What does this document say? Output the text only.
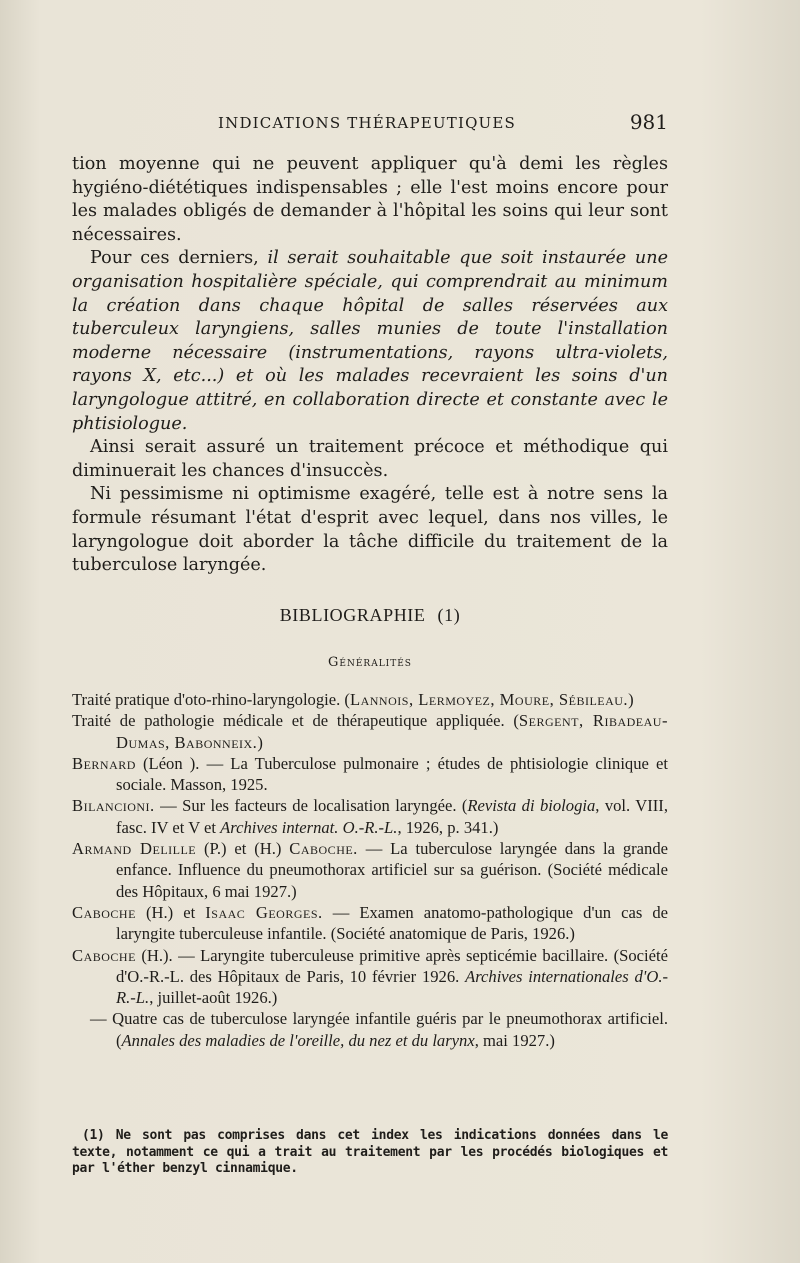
INDICATIONS THÉRAPEUTIQUES	981

tion moyenne qui ne peuvent appliquer qu'à demi les règles hygiéno-diététiques indispensables ; elle l'est moins encore pour les malades obligés de demander à l'hôpital les soins qui leur sont nécessaires.

Pour ces derniers, il serait souhaitable que soit instaurée une organisation hospitalière spéciale, qui comprendrait au minimum la création dans chaque hôpital de salles réservées aux tuberculeux laryngiens, salles munies de toute l'installation moderne nécessaire (instrumentations, rayons ultra-violets, rayons X, etc...) et où les malades recevraient les soins d'un laryngologue attitré, en collaboration directe et constante avec le phtisiologue.

Ainsi serait assuré un traitement précoce et méthodique qui diminuerait les chances d'insuccès.

Ni pessimisme ni optimisme exagéré, telle est à notre sens la formule résumant l'état d'esprit avec lequel, dans nos villes, le laryngologue doit aborder la tâche difficile du traitement de la tuberculose laryngée.

BIBLIOGRAPHIE (1)
Généralités
Traité pratique d'oto-rhino-laryngologie. (Lannois, Lermoyez, Moure, Sébileau.)
Traité de pathologie médicale et de thérapeutique appliquée. (Sergent, Ribadeau-Dumas, Babonneix.)
Bernard (Léon ). — La Tuberculose pulmonaire ; études de phtisiologie clinique et sociale. Masson, 1925.
Bilancioni. — Sur les facteurs de localisation laryngée. (Revista di biologia, vol. VIII, fasc. IV et V et Archives internat. O.-R.-L., 1926, p. 341.)
Armand Delille (P.) et (H.) Caboche. — La tuberculose laryngée dans la grande enfance. Influence du pneumothorax artificiel sur sa guérison. (Société médicale des Hôpitaux, 6 mai 1927.)
Caboche (H.) et Isaac Georges. — Examen anatomo-pathologique d'un cas de laryngite tuberculeuse infantile. (Société anatomique de Paris, 1926.)
Caboche (H.). — Laryngite tuberculeuse primitive après septicémie bacillaire. (Société d'O.-R.-L. des Hôpitaux de Paris, 10 février 1926. Archives internationales d'O.-R.-L., juillet-août 1926.)
— Quatre cas de tuberculose laryngée infantile guéris par le pneumothorax artificiel. (Annales des maladies de l'oreille, du nez et du larynx, mai 1927.)

(1) Ne sont pas comprises dans cet index les indications données dans le texte, notamment ce qui a trait au traitement par les procédés biologiques et par l'éther benzyl cinnamique.
